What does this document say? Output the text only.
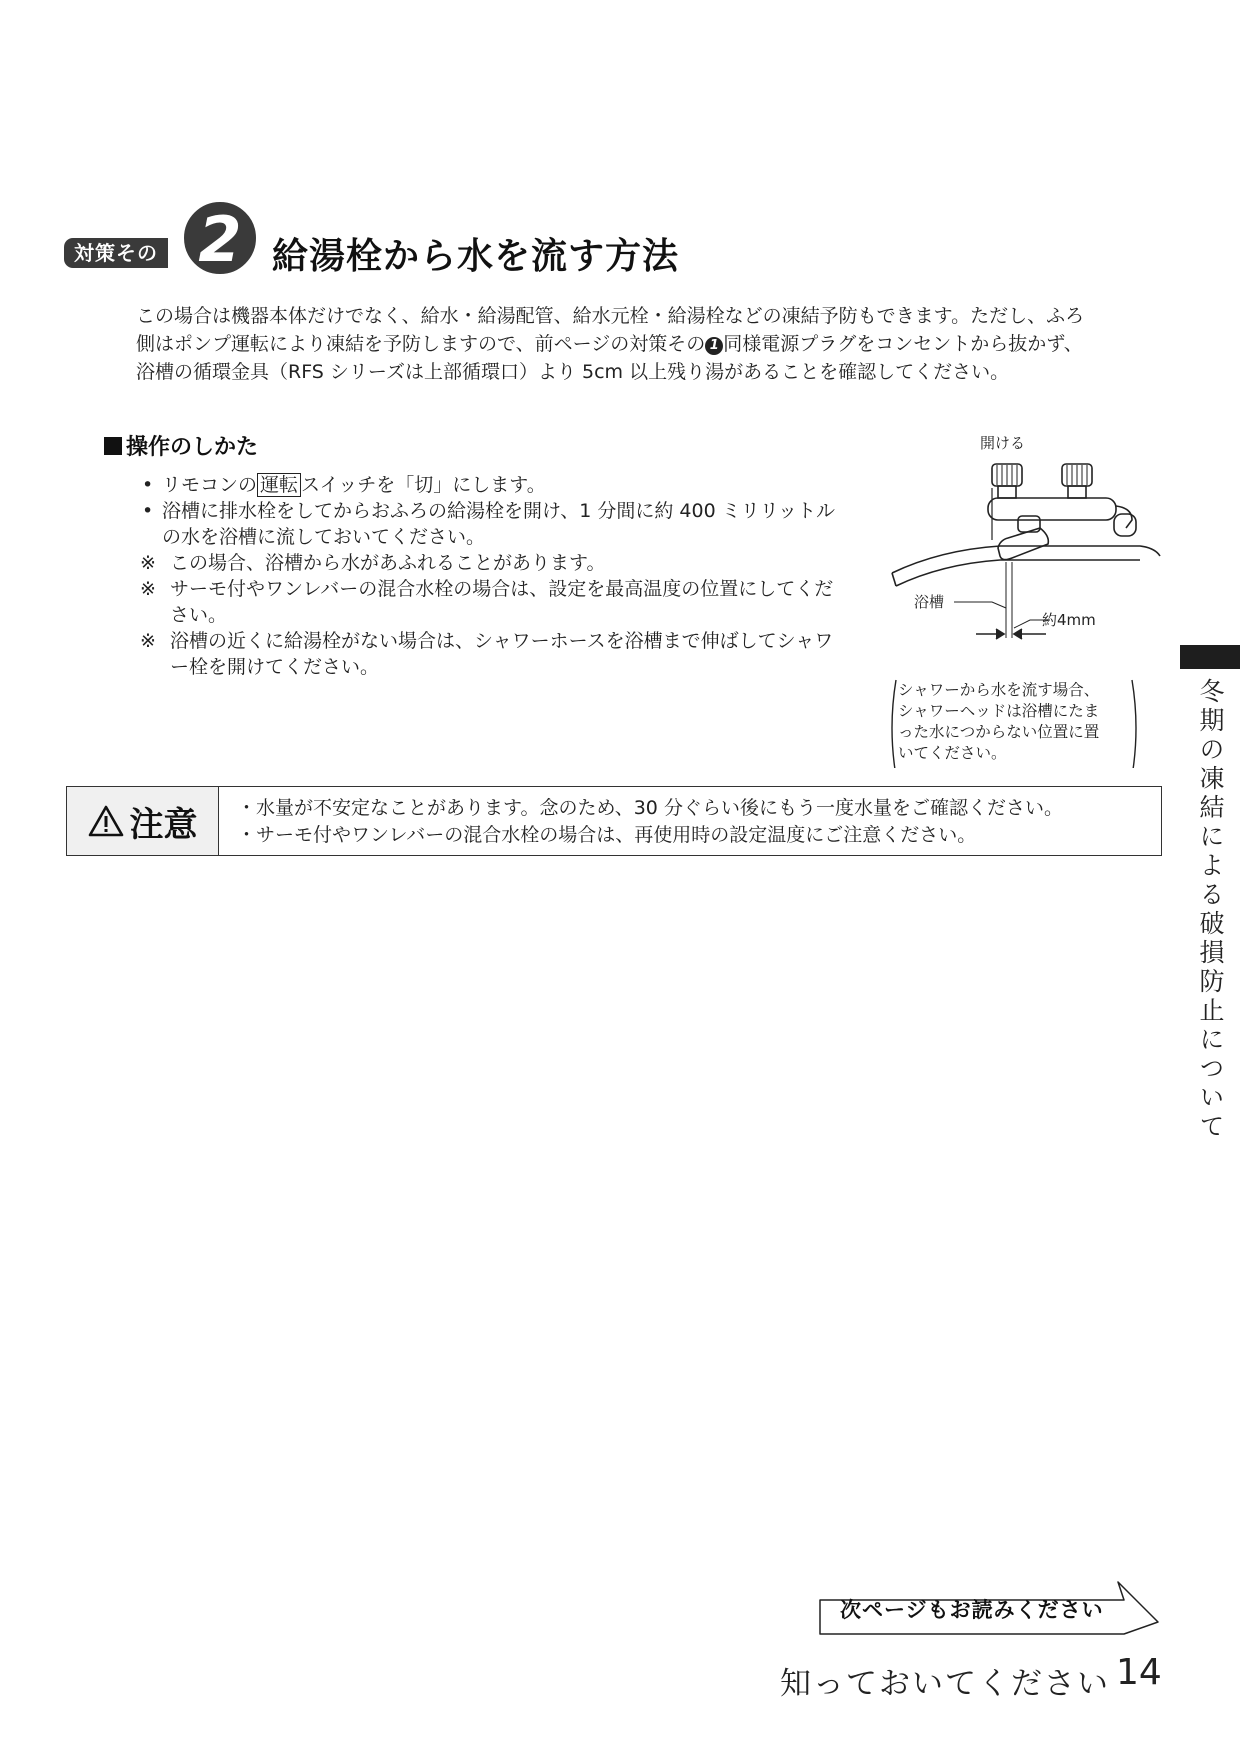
対策その 2 給湯栓から水を流す方法
この場合は機器本体だけでなく、給水・給湯配管、給水元栓・給湯栓などの凍結予防もできます。ただし、ふろ
側はポンプ運転により凍結を予防しますので、前ページの対策その 1 同様電源プラグをコンセントから抜かず、
浴槽の循環金具（RFS シリーズは上部循環口）より 5cm 以上残り湯があることを確認してください。
操作のしかた
• リモコンの 運転 スイッチを「切」にします。
• 浴槽に排水栓をしてからおふろの給湯栓を開け、1 分間に約 400 ミリリットルの水を浴槽に流しておいてください。
※ この場合、浴槽から水があふれることがあります。
※ サーモ付やワンレバーの混合水栓の場合は、設定を最高温度の位置にしてください。
※ 浴槽の近くに給湯栓がない場合は、シャワーホースを浴槽まで伸ばしてシャワー栓を開けてください。
開ける
浴槽
約4mm
シャワーから水を流す場合、シャワーヘッドは浴槽にたまった水につからない位置に置いてください。
注意 ・水量が不安定なことがあります。念のため、30 分ぐらい後にもう一度水量をご確認ください。
・サーモ付やワンレバーの混合水栓の場合は、再使用時の設定温度にご注意ください。	冬期の凍結による破損防止について
次ページもお読みください
知っておいてください 14
